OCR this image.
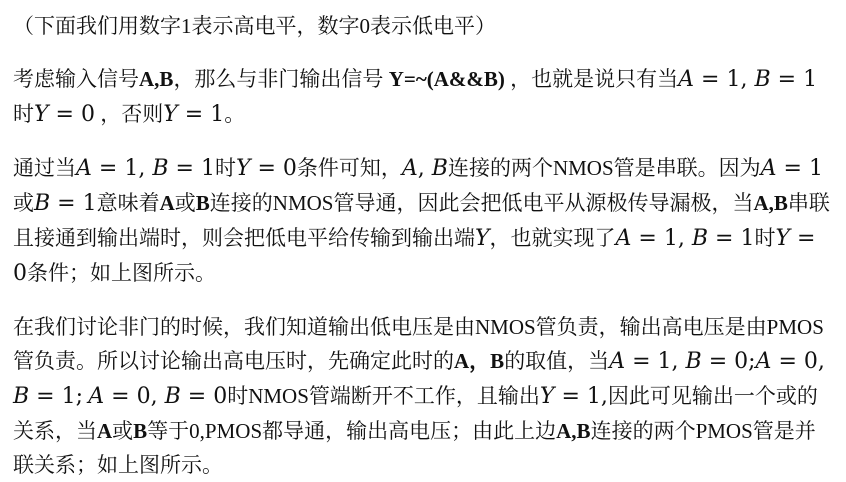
（下面我们用数字1表示高电平，数字0表示低电平）

考虑输入信号A,B，那么与非门输出信号 Y=~(A&&B) ，也就是说只有当A = 1, B = 1时Y = 0 ，否则Y = 1。

通过当A = 1, B = 1时Y = 0条件可知，A, B连接的两个NMOS管是串联。因为A = 1或B = 1意味着A或B连接的NMOS管导通，因此会把低电平从源极传导漏极，当A,B串联且接通到输出端时，则会把低电平给传输到输出端Y，也就实现了A = 1, B = 1时Y = 0条件；如上图所示。

在我们讨论非门的时候，我们知道输出低电压是由NMOS管负责，输出高电压是由PMOS管负责。所以讨论输出高电压时，先确定此时的A，B的取值，当A = 1, B = 0;A = 0, B = 1; A = 0, B = 0时NMOS管端断开不工作，且输出Y = 1,因此可见输出一个或的关系，当A或B等于0,PMOS都导通，输出高电压；由此上边A,B连接的两个PMOS管是并联关系；如上图所示。
